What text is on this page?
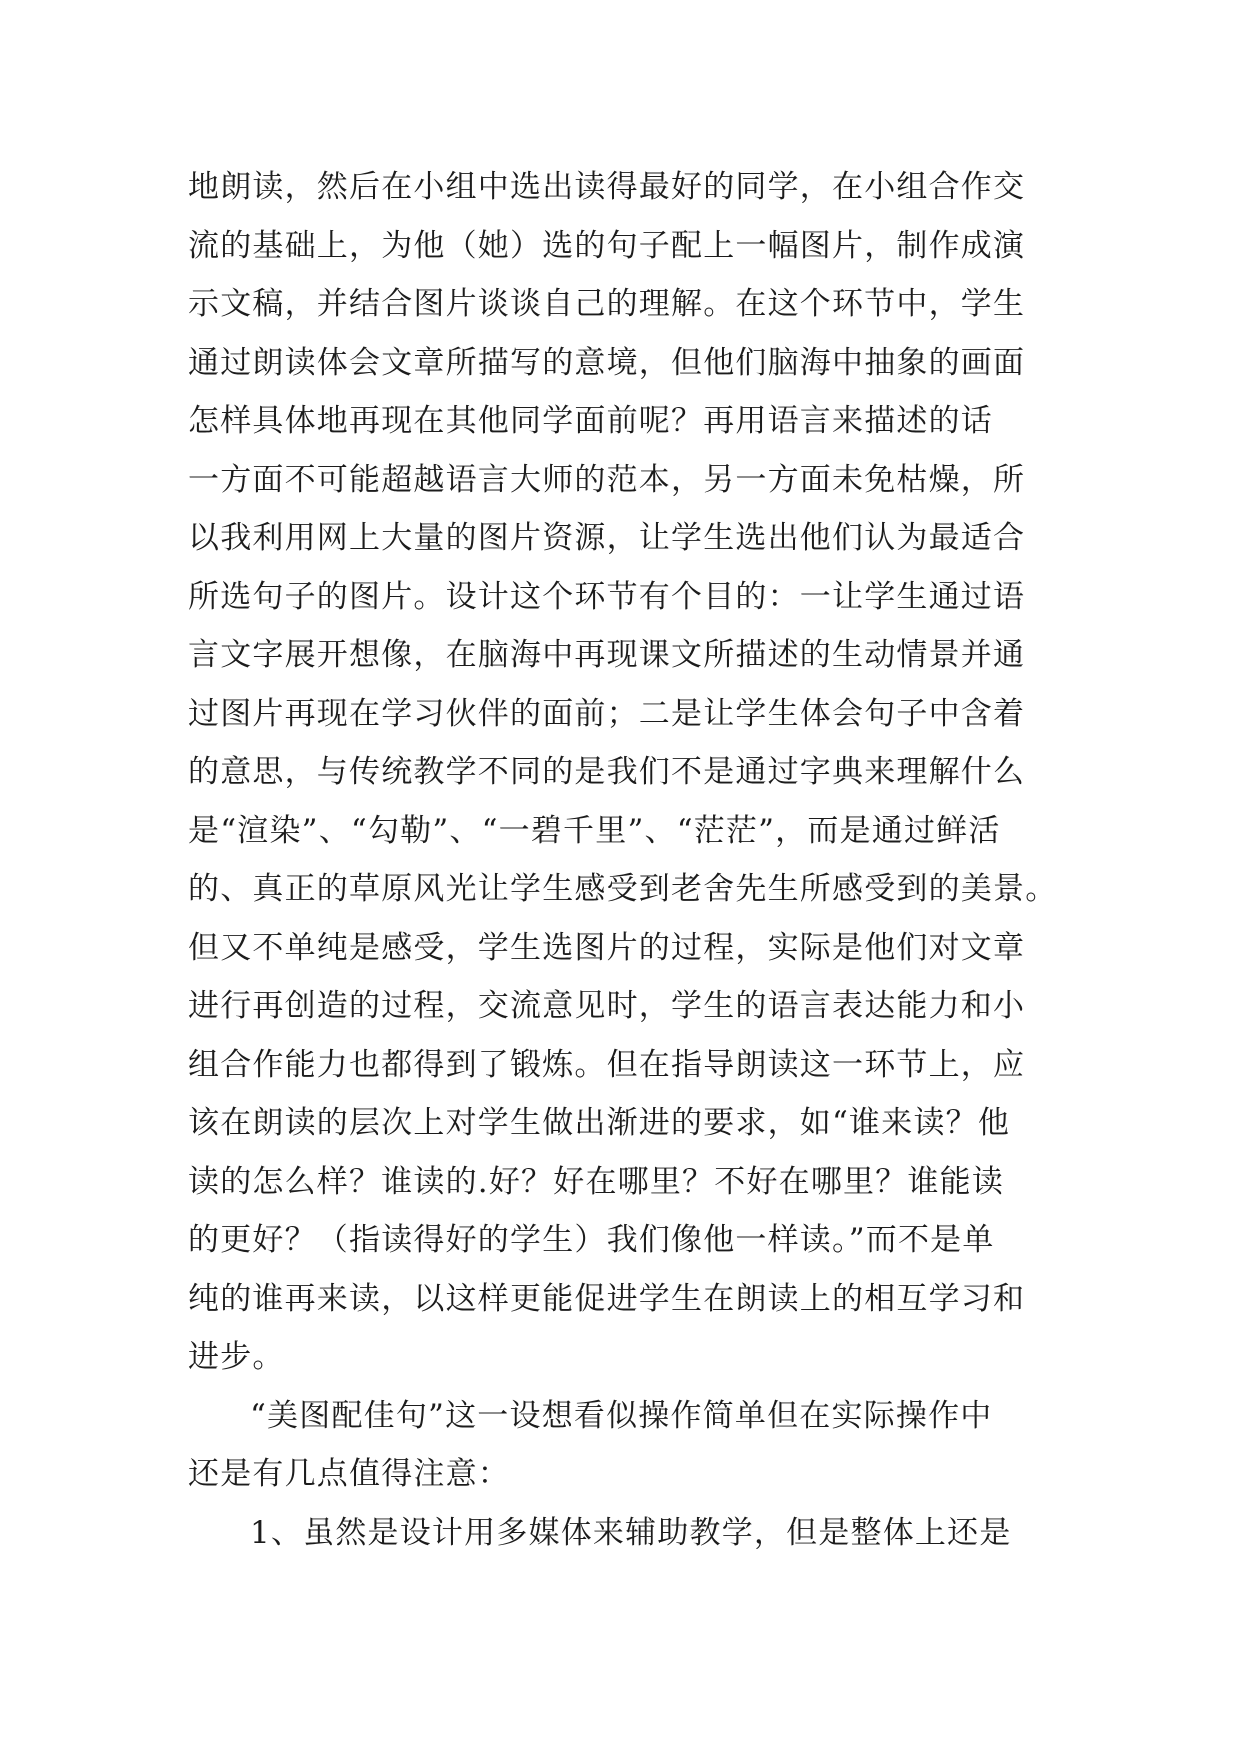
地朗读，然后在小组中选出读得最好的同学，在小组合作交
流的基础上，为他（她）选的句子配上一幅图片，制作成演
示文稿，并结合图片谈谈自己的理解。在这个环节中，学生
通过朗读体会文章所描写的意境，但他们脑海中抽象的画面
怎样具体地再现在其他同学面前呢？再用语言来描述的话
一方面不可能超越语言大师的范本，另一方面未免枯燥，所
以我利用网上大量的图片资源，让学生选出他们认为最适合
所选句子的图片。设计这个环节有个目的：一让学生通过语
言文字展开想像，在脑海中再现课文所描述的生动情景并通
过图片再现在学习伙伴的面前；二是让学生体会句子中含着
的意思，与传统教学不同的是我们不是通过字典来理解什么
是“渲染”、“勾勒”、“一碧千里”、“茫茫”，而是通过鲜活
的、真正的草原风光让学生感受到老舍先生所感受到的美景。
但又不单纯是感受，学生选图片的过程，实际是他们对文章
进行再创造的过程，交流意见时，学生的语言表达能力和小
组合作能力也都得到了锻炼。但在指导朗读这一环节上，应
该在朗读的层次上对学生做出渐进的要求，如“谁来读？他
读的怎么样？谁读的.好？好在哪里？不好在哪里？谁能读
的更好？（指读得好的学生）我们像他一样读。”而不是单
纯的谁再来读，以这样更能促进学生在朗读上的相互学习和
进步。
“美图配佳句”这一设想看似操作简单但在实际操作中
还是有几点值得注意：
1、虽然是设计用多媒体来辅助教学，但是整体上还是
